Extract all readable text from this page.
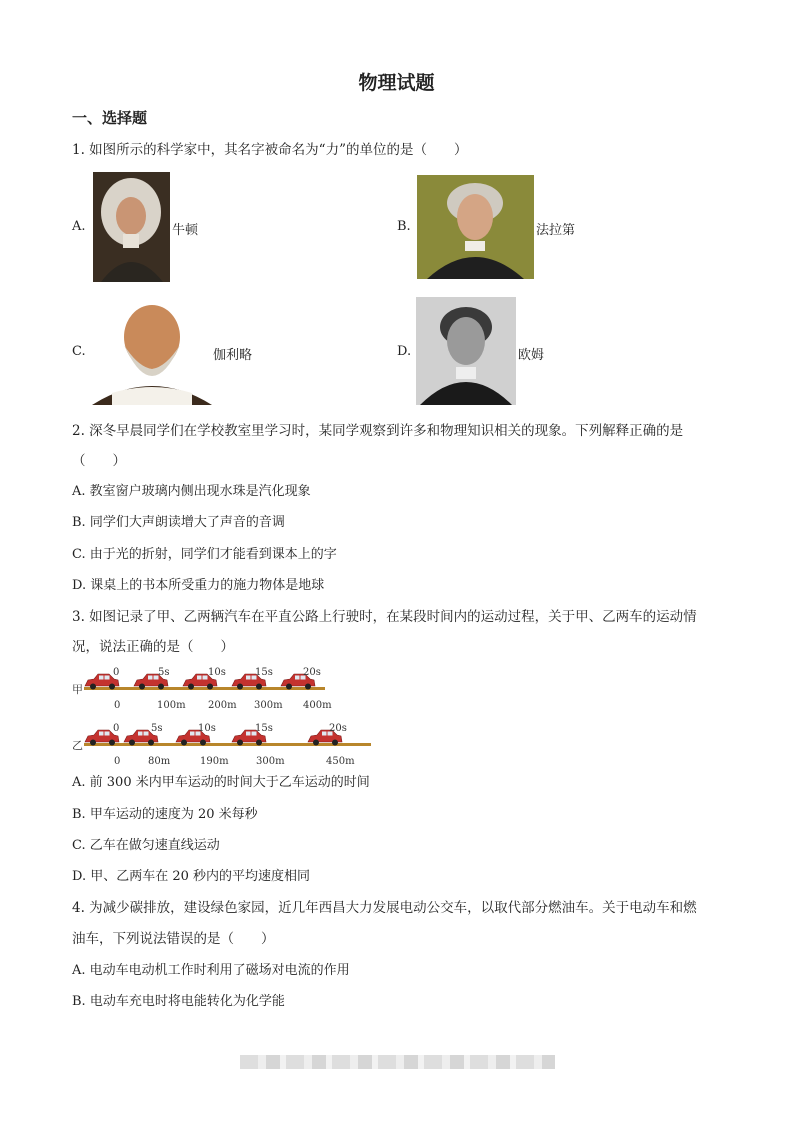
物理试题
一、选择题
1. 如图所示的科学家中，其名字被命名为“力”的单位的是（　　）
A.	牛顿	B.	法拉第
C.	伽利略	D.	欧姆
2. 深冬早晨同学们在学校教室里学习时，某同学观察到许多和物理知识相关的现象。下列解释正确的是
（　　）
A. 教室窗户玻璃内侧出现水珠是汽化现象
B. 同学们大声朗读增大了声音的音调
C. 由于光的折射，同学们才能看到课本上的字
D. 课桌上的书本所受重力的施力物体是地球
3. 如图记录了甲、乙两辆汽车在平直公路上行驶时，在某段时间内的运动过程，关于甲、乙两车的运动情
况，说法正确的是（　　）
甲
0	5s	10s	15s	20s
0	100m 200m 300m 400m
乙
0	5s	10s	15s	20s
0	80m	190m	300m	450m
A. 前 300 米内甲车运动的时间大于乙车运动的时间
B. 甲车运动的速度为 20 米每秒
C. 乙车在做匀速直线运动
D. 甲、乙两车在 20 秒内的平均速度相同
4. 为减少碳排放，建设绿色家园，近几年西昌大力发展电动公交车，以取代部分燃油车。关于电动车和燃
油车，下列说法错误的是（　　）
A. 电动车电动机工作时利用了磁场对电流的作用
B. 电动车充电时将电能转化为化学能
